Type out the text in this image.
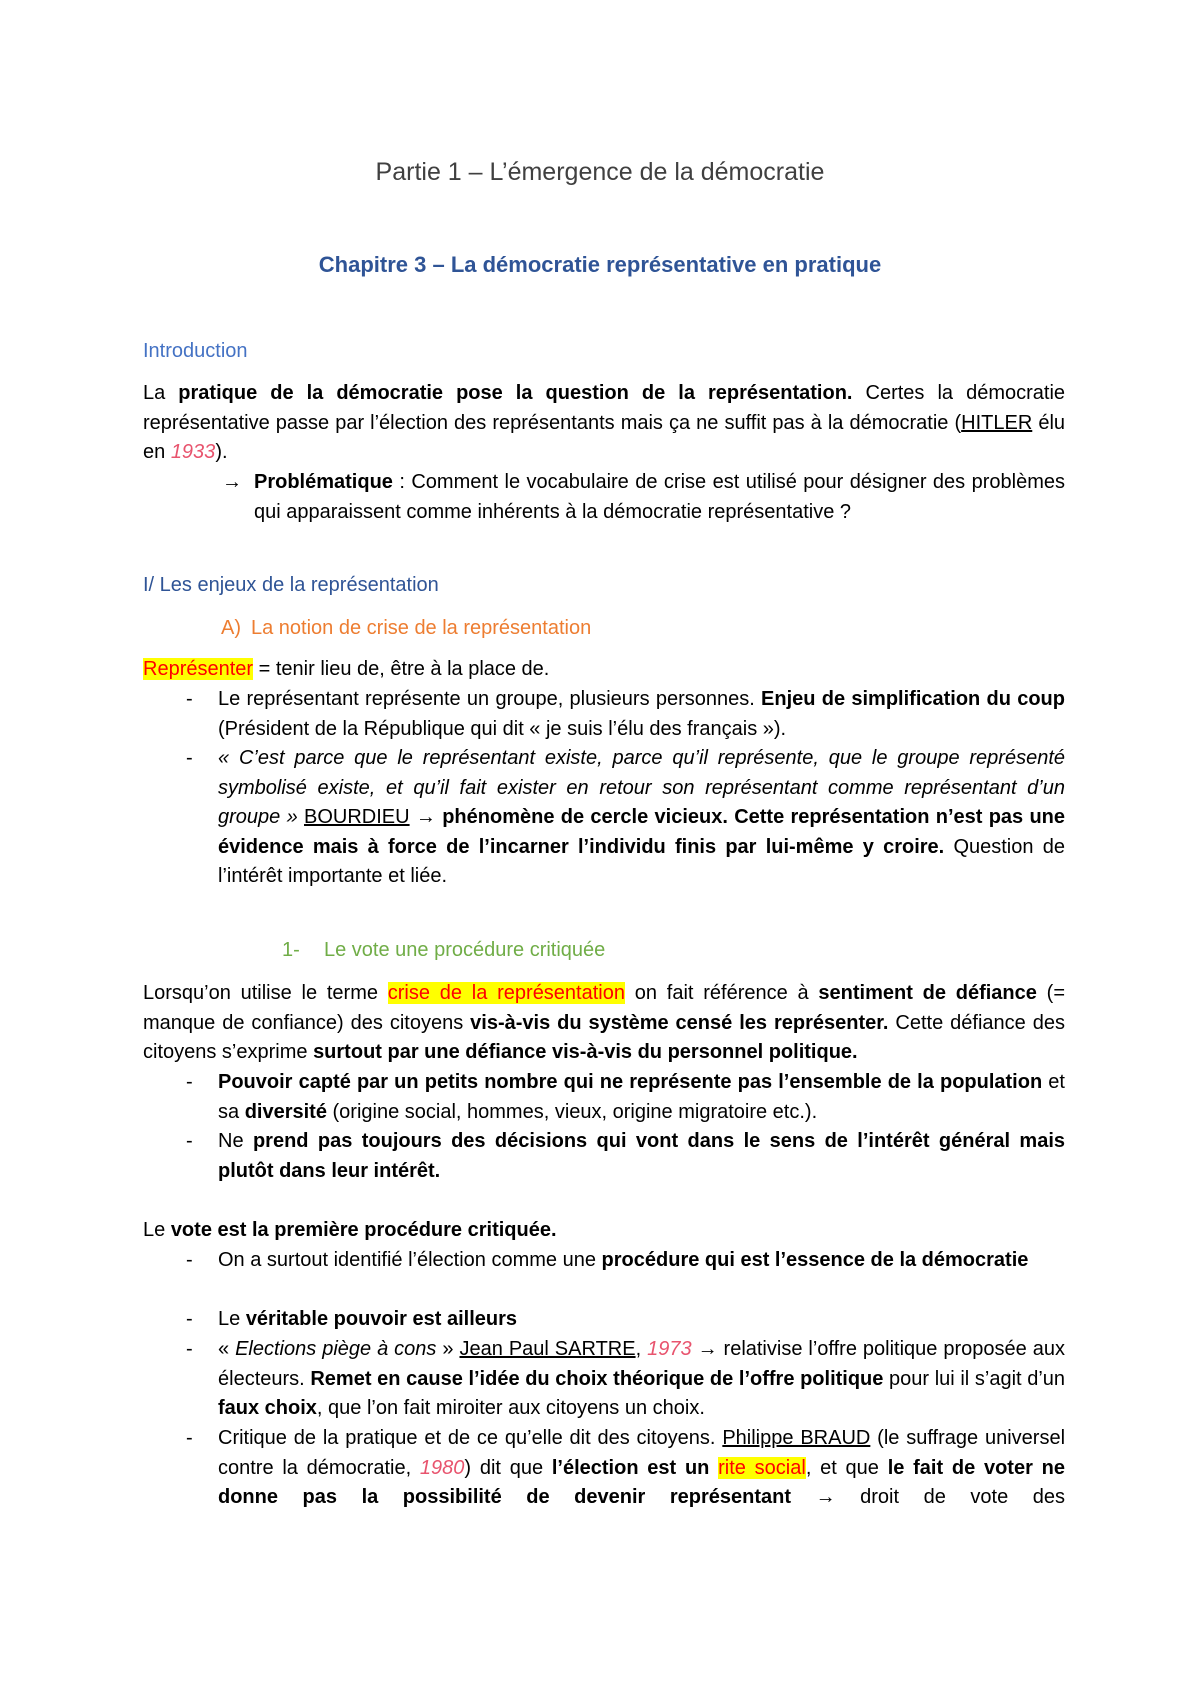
Partie 1 – L’émergence de la démocratie
Chapitre 3 – La démocratie représentative en pratique
Introduction
La pratique de la démocratie pose la question de la représentation. Certes la démocratie représentative passe par l’élection des représentants mais ça ne suffit pas à la démocratie (HITLER élu en 1933).
→ Problématique : Comment le vocabulaire de crise est utilisé pour désigner des problèmes qui apparaissent comme inhérents à la démocratie représentative ?
I/ Les enjeux de la représentation
A) La notion de crise de la représentation
Représenter = tenir lieu de, être à la place de.
- Le représentant représente un groupe, plusieurs personnes. Enjeu de simplification du coup (Président de la République qui dit « je suis l’élu des français »).
- « C’est parce que le représentant existe, parce qu’il représente, que le groupe représenté symbolisé existe, et qu’il fait exister en retour son représentant comme représentant d’un groupe » BOURDIEU → phénomène de cercle vicieux. Cette représentation n’est pas une évidence mais à force de l’incarner l’individu finis par lui-même y croire. Question de l’intérêt importante et liée.
1- Le vote une procédure critiquée
Lorsqu’on utilise le terme crise de la représentation on fait référence à sentiment de défiance (= manque de confiance) des citoyens vis-à-vis du système censé les représenter. Cette défiance des citoyens s’exprime surtout par une défiance vis-à-vis du personnel politique.
- Pouvoir capté par un petits nombre qui ne représente pas l’ensemble de la population et sa diversité (origine social, hommes, vieux, origine migratoire etc.).
- Ne prend pas toujours des décisions qui vont dans le sens de l’intérêt général mais plutôt dans leur intérêt.
Le vote est la première procédure critiquée.
- On a surtout identifié l’élection comme une procédure qui est l’essence de la démocratie
- Le véritable pouvoir est ailleurs
- « Elections piège à cons » Jean Paul SARTRE, 1973 → relativise l’offre politique proposée aux électeurs. Remet en cause l’idée du choix théorique de l’offre politique pour lui il s’agit d’un faux choix, que l’on fait miroiter aux citoyens un choix.
- Critique de la pratique et de ce qu’elle dit des citoyens. Philippe BRAUD (le suffrage universel contre la démocratie, 1980) dit que l’élection est un rite social, et que le fait de voter ne donne pas la possibilité de devenir représentant → droit de vote des
